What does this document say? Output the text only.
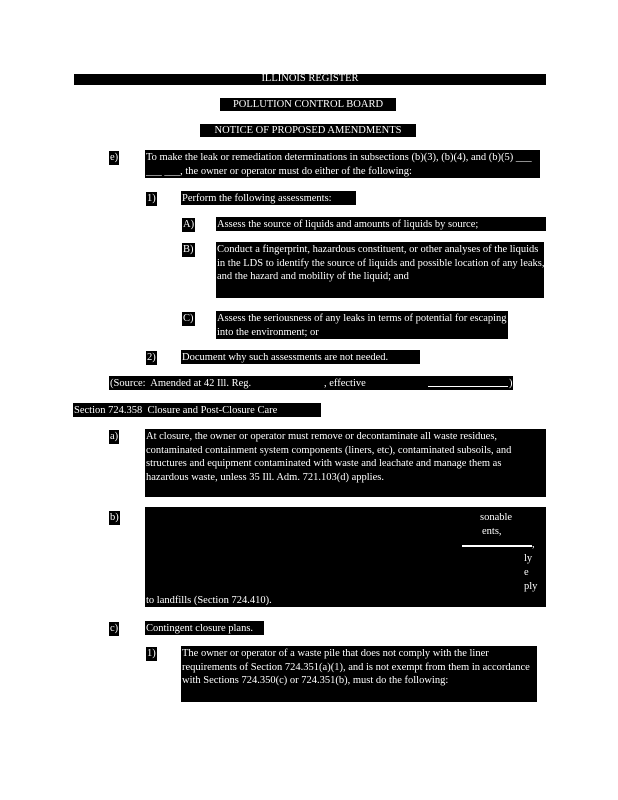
ILLINOIS REGISTER
POLLUTION CONTROL BOARD
NOTICE OF PROPOSED AMENDMENTS
e)	To make the leak or remediation determinations in subsections (b)(3), (b)(4), and (b)(5) ___ ___ ___, the owner or operator must do either of the following:
1)	Perform the following assessments:
A) Assess the source of liquids and amounts of liquids by source;
B) Conduct a fingerprint, hazardous constituent, or other analyses of the liquids in the LDS to identify the source of liquids and possible location of any leaks, and the hazard and mobility of the liquid; and
C) Assess the seriousness of any leaks in terms of potential for escaping into the environment; or
2)	Document why such assessments are not needed.
(Source:  Amended at 42 Ill. Reg.	, effective	)
Section 724.358  Closure and Post-Closure Care
a)	At closure, the owner or operator must remove or decontaminate all waste residues, contaminated containment system components (liners, etc), contaminated subsoils, and structures and equipment contaminated with waste and leachate and manage them as hazardous waste, unless 35 Ill. Adm. 721.103(d) applies.
b)	sonable
ents,
,
ly
e
ply
to landfills (Section 724.410).
c)	Contingent closure plans.
1)	The owner or operator of a waste pile that does not comply with the liner requirements of Section 724.351(a)(1), and is not exempt from them in accordance with Sections 724.350(c) or 724.351(b), must do the following:
